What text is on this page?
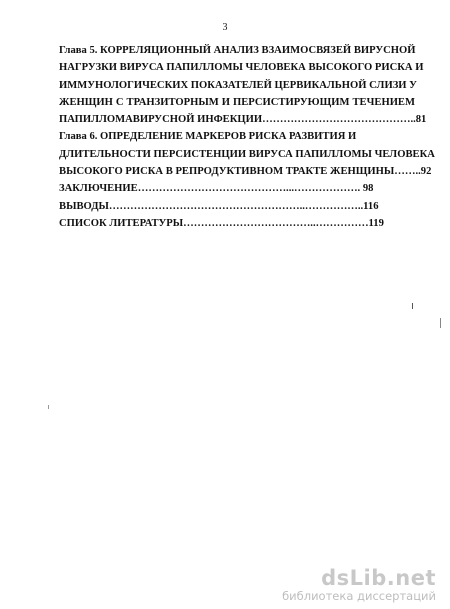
3
Глава 5. КОРРЕЛЯЦИОННЫЙ АНАЛИЗ ВЗАИМОСВЯЗЕЙ ВИРУСНОЙ
НАГРУЗКИ ВИРУСА ПАПИЛЛОМЫ ЧЕЛОВЕКА ВЫСОКОГО РИСКА И
ИММУНОЛОГИЧЕСКИХ ПОКАЗАТЕЛЕЙ ЦЕРВИКАЛЬНОЙ СЛИЗИ У
ЖЕНЩИН С ТРАНЗИТОРНЫМ И ПЕРСИСТИРУЮЩИМ ТЕЧЕНИЕМ
ПАПИЛЛОМАВИРУСНОЙ ИНФЕКЦИИ……………………………………..81
Глава 6. ОПРЕДЕЛЕНИЕ МАРКЕРОВ РИСКА РАЗВИТИЯ И
ДЛИТЕЛЬНОСТИ ПЕРСИСТЕНЦИИ ВИРУСА ПАПИЛЛОМЫ ЧЕЛОВЕКА
ВЫСОКОГО РИСКА В РЕПРОДУКТИВНОМ ТРАКТЕ ЖЕНЩИНЫ……..92
ЗАКЛЮЧЕНИЕ……………………………………...………………. 98
ВЫВОДЫ………………………………………………..……………..116
СПИСОК ЛИТЕРАТУРЫ………………………………..……………119
dsLib.net
библиотека диссертаций
